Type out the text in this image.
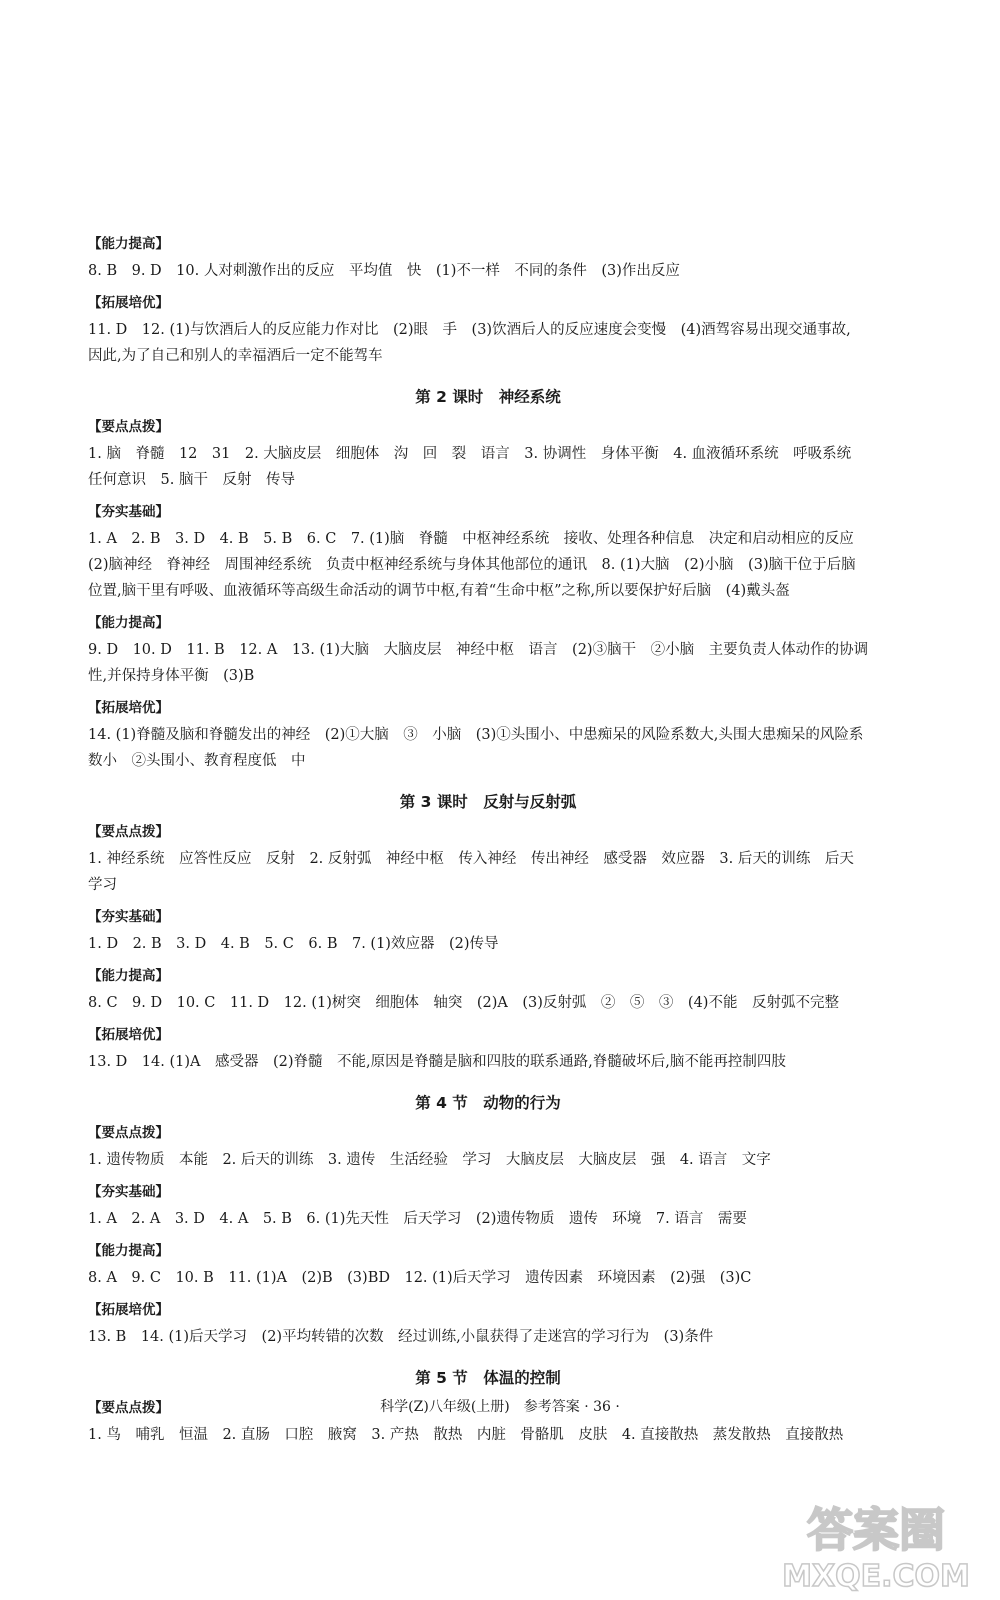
【能力提高】
8. B　9. D　10. 人对刺激作出的反应　平均值　快　(1)不一样　不同的条件　(3)作出反应
【拓展培优】
11. D　12. (1)与饮酒后人的反应能力作对比　(2)眼　手　(3)饮酒后人的反应速度会变慢　(4)酒驾容易出现交通事故,
因此,为了自己和别人的幸福酒后一定不能驾车
第 2 课时　神经系统
【要点点拨】
1. 脑　脊髓　12　31　2. 大脑皮层　细胞体　沟　回　裂　语言　3. 协调性　身体平衡　4. 血液循环系统　呼吸系统
任何意识　5. 脑干　反射　传导
【夯实基础】
1. A　2. B　3. D　4. B　5. B　6. C　7. (1)脑　脊髓　中枢神经系统　接收、处理各种信息　决定和启动相应的反应
(2)脑神经　脊神经　周围神经系统　负责中枢神经系统与身体其他部位的通讯　8. (1)大脑　(2)小脑　(3)脑干位于后脑
位置,脑干里有呼吸、血液循环等高级生命活动的调节中枢,有着“生命中枢”之称,所以要保护好后脑　(4)戴头盔
【能力提高】
9. D　10. D　11. B　12. A　13. (1)大脑　大脑皮层　神经中枢　语言　(2)③脑干　②小脑　主要负责人体动作的协调
性,并保持身体平衡　(3)B
【拓展培优】
14. (1)脊髓及脑和脊髓发出的神经　(2)①大脑　③　小脑　(3)①头围小、中患痴呆的风险系数大,头围大患痴呆的风险系
数小　②头围小、教育程度低　中
第 3 课时　反射与反射弧
【要点点拨】
1. 神经系统　应答性反应　反射　2. 反射弧　神经中枢　传入神经　传出神经　感受器　效应器　3. 后天的训练　后天
学习
【夯实基础】
1. D　2. B　3. D　4. B　5. C　6. B　7. (1)效应器　(2)传导
【能力提高】
8. C　9. D　10. C　11. D　12. (1)树突　细胞体　轴突　(2)A　(3)反射弧　②　⑤　③　(4)不能　反射弧不完整
【拓展培优】
13. D　14. (1)A　感受器　(2)脊髓　不能,原因是脊髓是脑和四肢的联系通路,脊髓破坏后,脑不能再控制四肢
第 4 节　动物的行为
【要点点拨】
1. 遗传物质　本能　2. 后天的训练　3. 遗传　生活经验　学习　大脑皮层　大脑皮层　强　4. 语言　文字
【夯实基础】
1. A　2. A　3. D　4. A　5. B　6. (1)先天性　后天学习　(2)遗传物质　遗传　环境　7. 语言　需要
【能力提高】
8. A　9. C　10. B　11. (1)A　(2)B　(3)BD　12. (1)后天学习　遗传因素　环境因素　(2)强　(3)C
【拓展培优】
13. B　14. (1)后天学习　(2)平均转错的次数　经过训练,小鼠获得了走迷宫的学习行为　(3)条件
第 5 节　体温的控制
【要点点拨】
1. 鸟　哺乳　恒温　2. 直肠　口腔　腋窝　3. 产热　散热　内脏　骨骼肌　皮肤　4. 直接散热　蒸发散热　直接散热
科学(Z)八年级(上册)　参考答案 · 36 ·
答案圈
MXQE.COM
